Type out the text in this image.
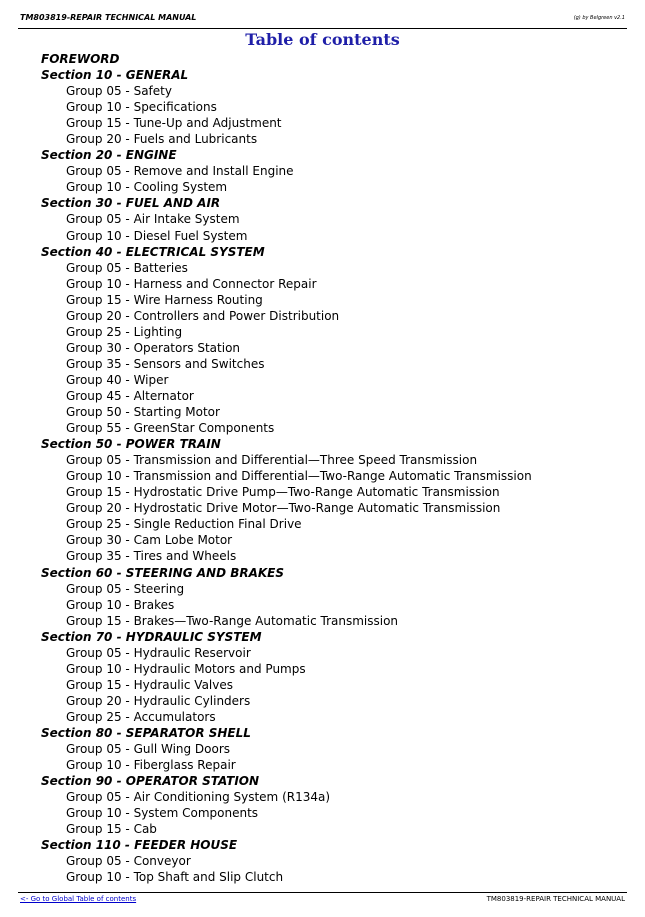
TM803819-REPAIR TECHNICAL MANUAL	(g) by Belgreen v2.1
Table of contents
FOREWORD
Section 10 - GENERAL
Group 05 - Safety
Group 10 - Specifications
Group 15 - Tune-Up and Adjustment
Group 20 - Fuels and Lubricants
Section 20 - ENGINE
Group 05 - Remove and Install Engine
Group 10 - Cooling System
Section 30 - FUEL AND AIR
Group 05 - Air Intake System
Group 10 - Diesel Fuel System
Section 40 - ELECTRICAL SYSTEM
Group 05 - Batteries
Group 10 - Harness and Connector Repair
Group 15 - Wire Harness Routing
Group 20 - Controllers and Power Distribution
Group 25 - Lighting
Group 30 - Operators Station
Group 35 - Sensors and Switches
Group 40 - Wiper
Group 45 - Alternator
Group 50 - Starting Motor
Group 55 - GreenStar Components
Section 50 - POWER TRAIN
Group 05 - Transmission and Differential—Three Speed Transmission
Group 10 - Transmission and Differential—Two-Range Automatic Transmission
Group 15 - Hydrostatic Drive Pump—Two-Range Automatic Transmission
Group 20 - Hydrostatic Drive Motor—Two-Range Automatic Transmission
Group 25 - Single Reduction Final Drive
Group 30 - Cam Lobe Motor
Group 35 - Tires and Wheels
Section 60 - STEERING AND BRAKES
Group 05 - Steering
Group 10 - Brakes
Group 15 - Brakes—Two-Range Automatic Transmission
Section 70 - HYDRAULIC SYSTEM
Group 05 - Hydraulic Reservoir
Group 10 - Hydraulic Motors and Pumps
Group 15 - Hydraulic Valves
Group 20 - Hydraulic Cylinders
Group 25 - Accumulators
Section 80 - SEPARATOR SHELL
Group 05 - Gull Wing Doors
Group 10 - Fiberglass Repair
Section 90 - OPERATOR STATION
Group 05 - Air Conditioning System (R134a)
Group 10 - System Components
Group 15 - Cab
Section 110 - FEEDER HOUSE
Group 05 - Conveyor
Group 10 - Top Shaft and Slip Clutch
<- Go to Global Table of contents	TM803819-REPAIR TECHNICAL MANUAL
